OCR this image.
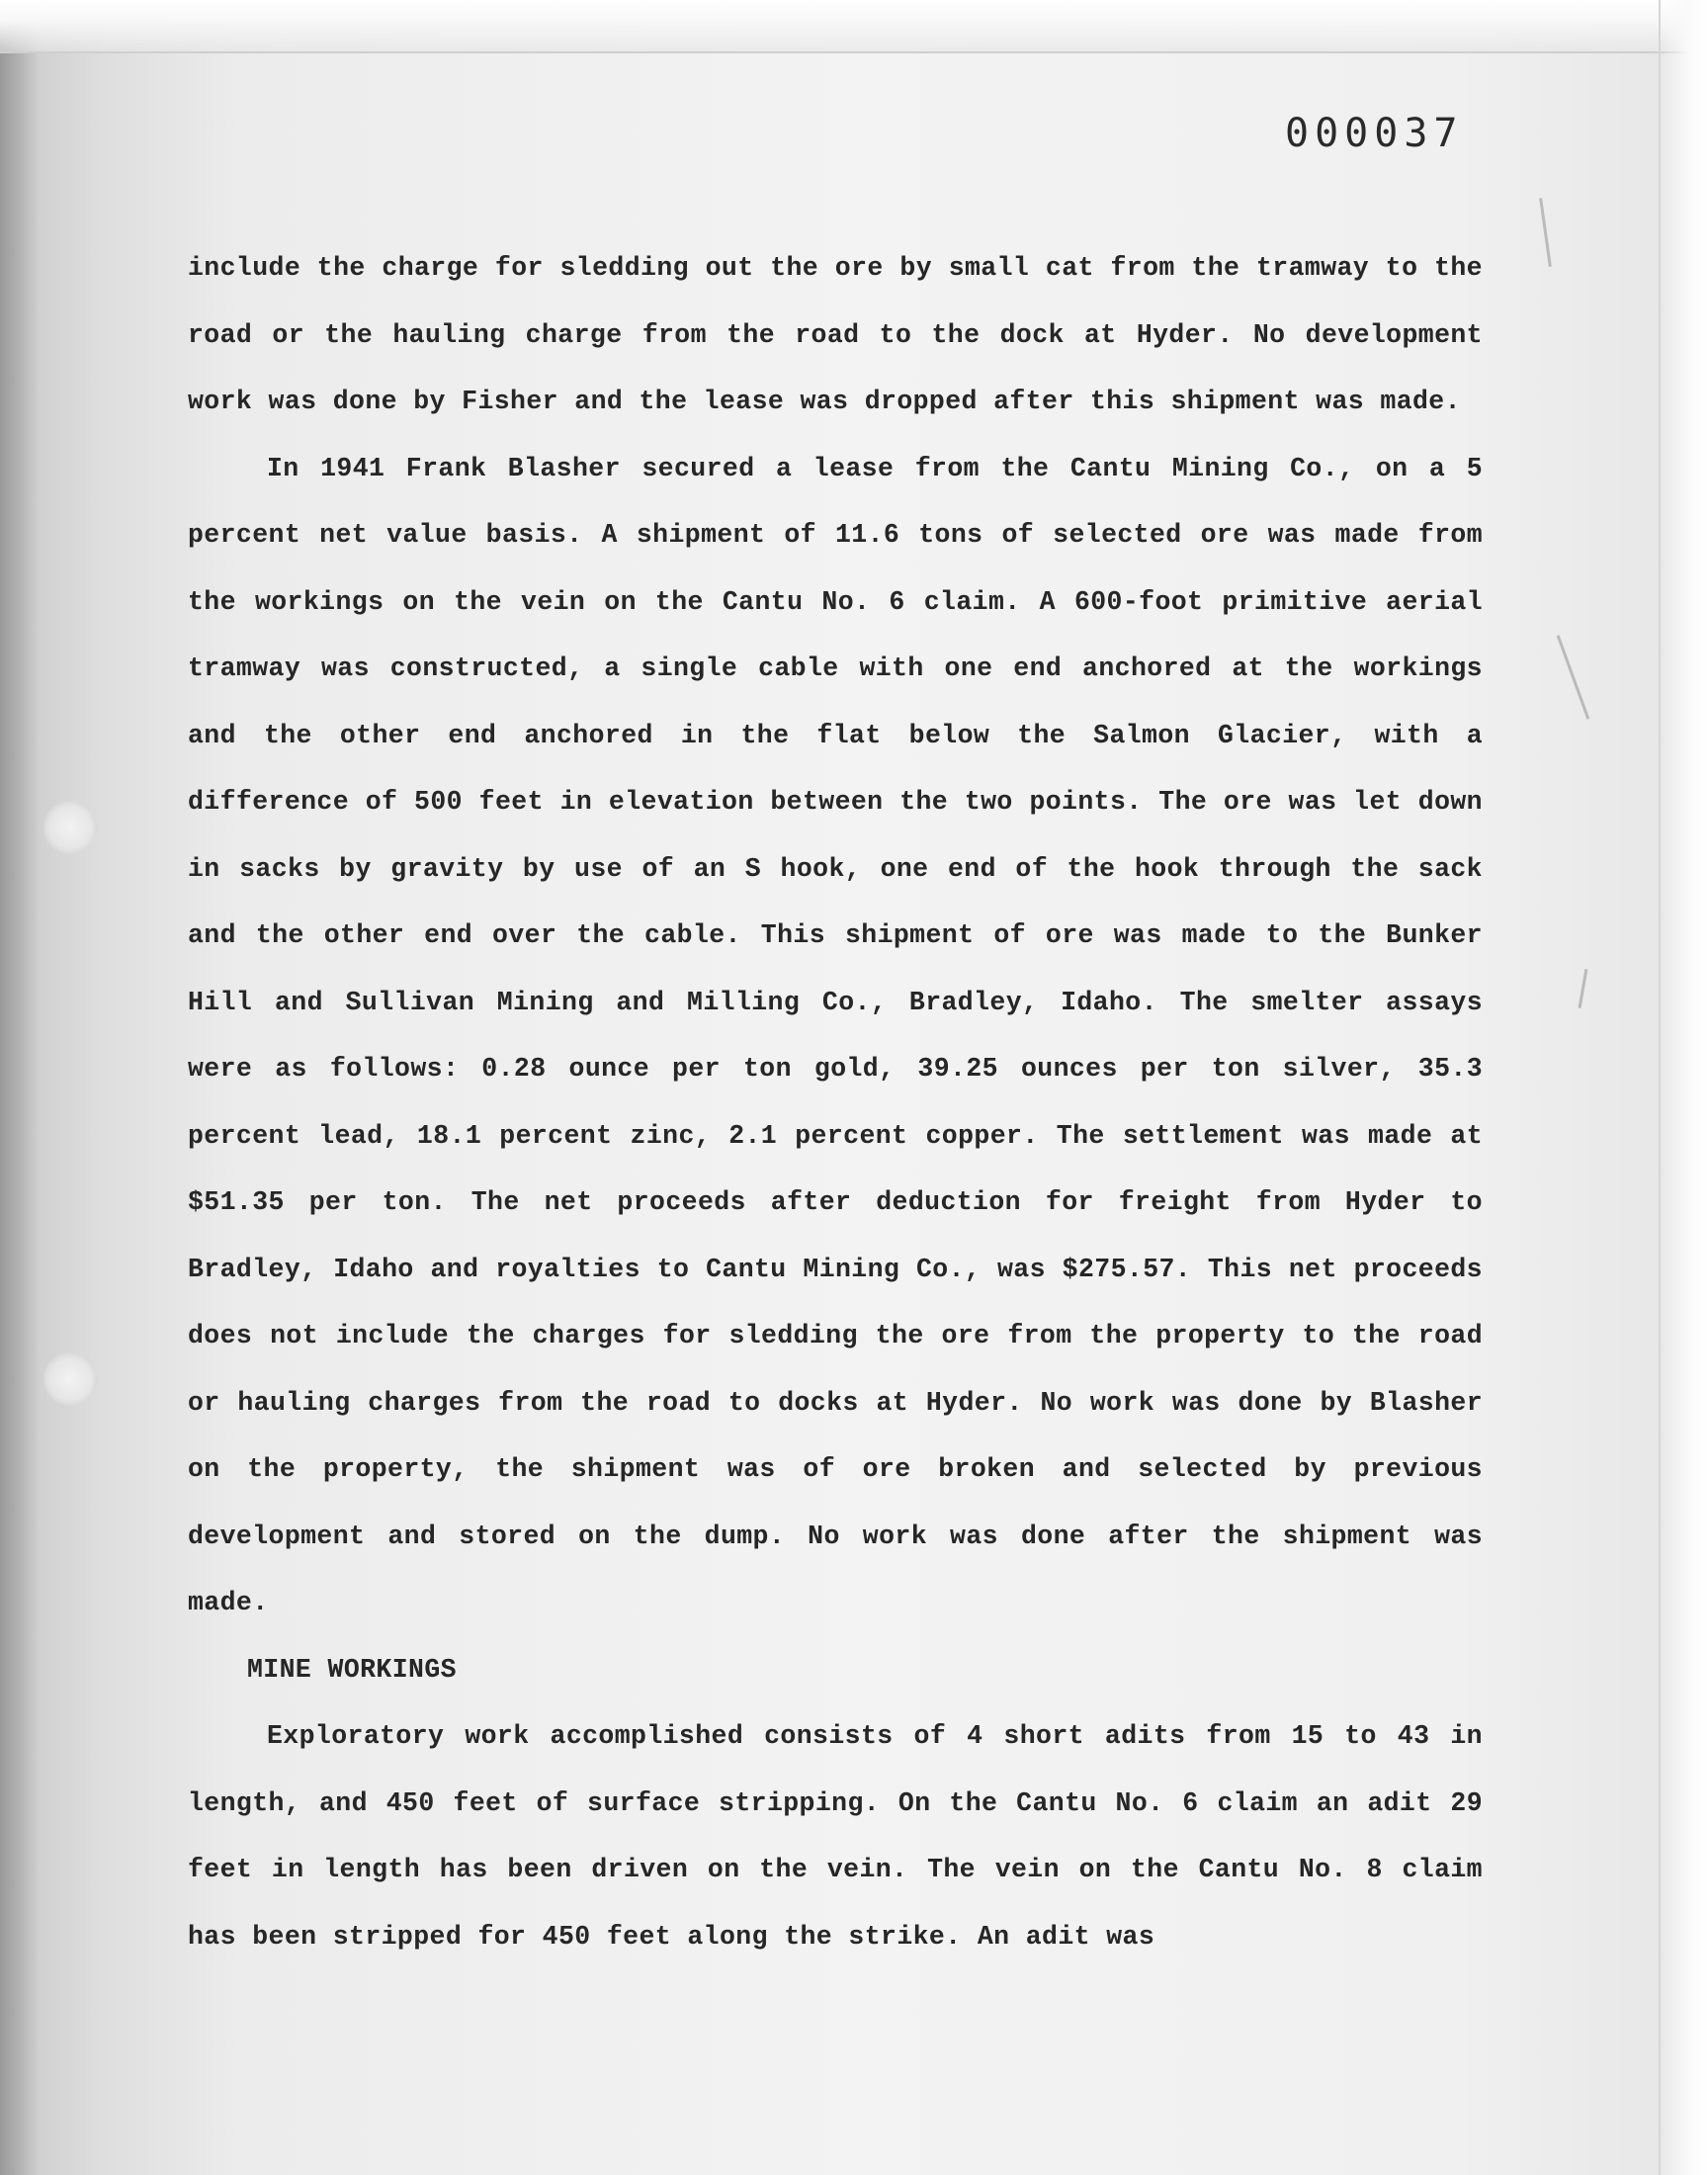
000037

include the charge for sledding out the ore by small cat from the tramway to the road or the hauling charge from the road to the dock at Hyder. No development work was done by Fisher and the lease was dropped after this shipment was made.

In 1941 Frank Blasher secured a lease from the Cantu Mining Co., on a 5 percent net value basis. A shipment of 11.6 tons of selected ore was made from the workings on the vein on the Cantu No. 6 claim. A 600-foot primitive aerial tramway was constructed, a single cable with one end anchored at the workings and the other end anchored in the flat below the Salmon Glacier, with a difference of 500 feet in elevation between the two points. The ore was let down in sacks by gravity by use of an S hook, one end of the hook through the sack and the other end over the cable. This shipment of ore was made to the Bunker Hill and Sullivan Mining and Milling Co., Bradley, Idaho. The smelter assays were as follows: 0.28 ounce per ton gold, 39.25 ounces per ton silver, 35.3 percent lead, 18.1 percent zinc, 2.1 percent copper. The settlement was made at $51.35 per ton. The net proceeds after deduction for freight from Hyder to Bradley, Idaho and royalties to Cantu Mining Co., was $275.57. This net proceeds does not include the charges for sledding the ore from the property to the road or hauling charges from the road to docks at Hyder. No work was done by Blasher on the property, the shipment was of ore broken and selected by previous development and stored on the dump. No work was done after the shipment was made.

MINE WORKINGS

Exploratory work accomplished consists of 4 short adits from 15 to 43 in length, and 450 feet of surface stripping. On the Cantu No. 6 claim an adit 29 feet in length has been driven on the vein. The vein on the Cantu No. 8 claim has been stripped for 450 feet along the strike. An adit was
